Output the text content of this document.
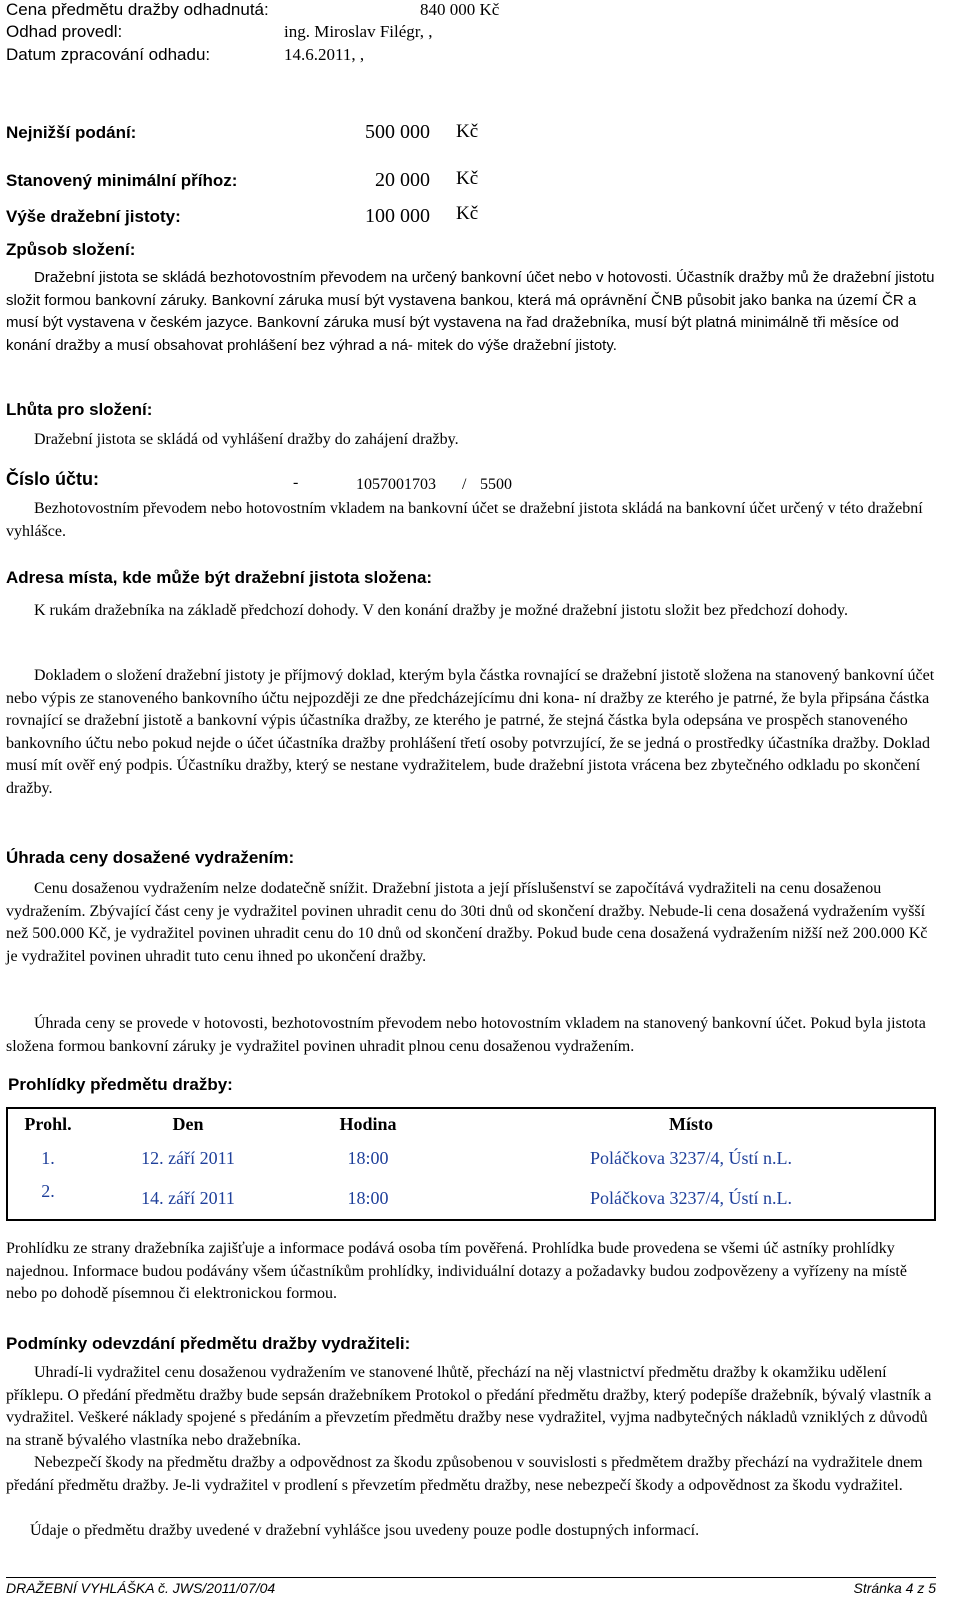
Cena předmětu dražby odhadnutá:	840 000 Kč
Odhad provedl:	ing. Miroslav Filégr, ,
Datum zpracování odhadu:	14.6.2011, ,
Nejnižší podání:	500 000 Kč
Stanovený minimální příhoz:	20 000 Kč
Výše dražební jistoty:	100 000 Kč
Způsob složení:
Dražební jistota se skládá bezhotovostním převodem na určený bankovní účet nebo v hotovosti. Účastník dražby mů že dražební jistotu složit formou bankovní záruky. Bankovní záruka musí být vystavena bankou, která má oprávnění ČNB působit jako banka na území ČR a musí být vystavena v českém jazyce. Bankovní záruka musí být vystavena na řad dražebníka, musí být platná minimálně tři měsíce od konání dražby a musí obsahovat prohlášení bez výhrad a ná- mitek do výše dražební jistoty.
Lhůta pro složení:
Dražební jistota se skládá od vyhlášení dražby do zahájení dražby.
Číslo účtu:	-	1057001703 / 5500
Bezhotovostním převodem nebo hotovostním vkladem na bankovní účet se dražební jistota skládá na bankovní účet určený v této dražební vyhlášce.
Adresa místa, kde může být dražební jistota složena:
K rukám dražebníka na základě předchozí dohody. V den konání dražby je možné dražební jistotu složit bez předchozí dohody.
Dokladem o složení dražební jistoty je příjmový doklad, kterým byla částka rovnající se dražební jistotě složena na stanovený bankovní účet nebo výpis ze stanoveného bankovního účtu nejpozději ze dne předcházejícímu dni kona- ní dražby ze kterého je patrné, že byla připsána částka rovnající se dražební jistotě a bankovní výpis účastníka dražby, ze kterého je patrné, že stejná částka byla odepsána ve prospěch stanoveného bankovního účtu nebo pokud nejde o účet účastníka dražby prohlášení třetí osoby potvrzující, že se jedná o prostředky účastníka dražby. Doklad musí mít ověř ený podpis. Účastníku dražby, který se nestane vydražitelem, bude dražební jistota vrácena bez zbytečného odkladu po skončení dražby.
Úhrada ceny dosažené vydražením:
Cenu dosaženou vydražením nelze dodatečně snížit. Dražební jistota a její příslušenství se započítává vydražiteli na cenu dosaženou vydražením. Zbývající část ceny je vydražitel povinen uhradit cenu do 30ti dnů od skončení dražby. Nebude-li cena dosažená vydražením vyšší než 500.000 Kč, je vydražitel povinen uhradit cenu do 10 dnů od skončení dražby. Pokud bude cena dosažená vydražením nižší než 200.000 Kč je vydražitel povinen uhradit tuto cenu ihned po ukončení dražby.
Úhrada ceny se provede v hotovosti, bezhotovostním převodem nebo hotovostním vkladem na stanovený bankovní účet. Pokud byla jistota složena formou bankovní záruky je vydražitel povinen uhradit plnou cenu dosaženou vydražením.
Prohlídky předmětu dražby:
Prohl.	Den	Hodina	Místo
1.	12. září 2011	18:00	Poláčkova 3237/4, Ústí n.L.
2.	14. září 2011	18:00	Poláčkova 3237/4, Ústí n.L.
Prohlídku ze strany dražebníka zajišťuje a informace podává osoba tím pověřená. Prohlídka bude provedena se všemi úč astníky prohlídky najednou. Informace budou podávány všem účastníkům prohlídky, individuální dotazy a požadavky budou zodpovězeny a vyřízeny na místě nebo po dohodě písemnou či elektronickou formou.
Podmínky odevzdání předmětu dražby vydražiteli:
Uhradí-li vydražitel cenu dosaženou vydražením ve stanovené lhůtě, přechází na něj vlastnictví předmětu dražby k okamžiku udělení příklepu. O předání předmětu dražby bude sepsán dražebníkem Protokol o předání předmětu dražby, který podepíše dražebník, bývalý vlastník a vydražitel. Veškeré náklady spojené s předáním a převzetím předmětu dražby nese vydražitel, vyjma nadbytečných nákladů vzniklých z důvodů na straně bývalého vlastníka nebo dražebníka.
Nebezpečí škody na předmětu dražby a odpovědnost za škodu způsobenou v souvislosti s předmětem dražby přechází na vydražitele dnem předání předmětu dražby. Je-li vydražitel v prodlení s převzetím předmětu dražby, nese nebezpečí škody a odpovědnost za škodu vydražitel.
Údaje o předmětu dražby uvedené v dražební vyhlášce jsou uvedeny pouze podle dostupných informací.
DRAŽEBNÍ VYHLÁŠKA č. JWS/2011/07/04	Stránka 4 z 5
